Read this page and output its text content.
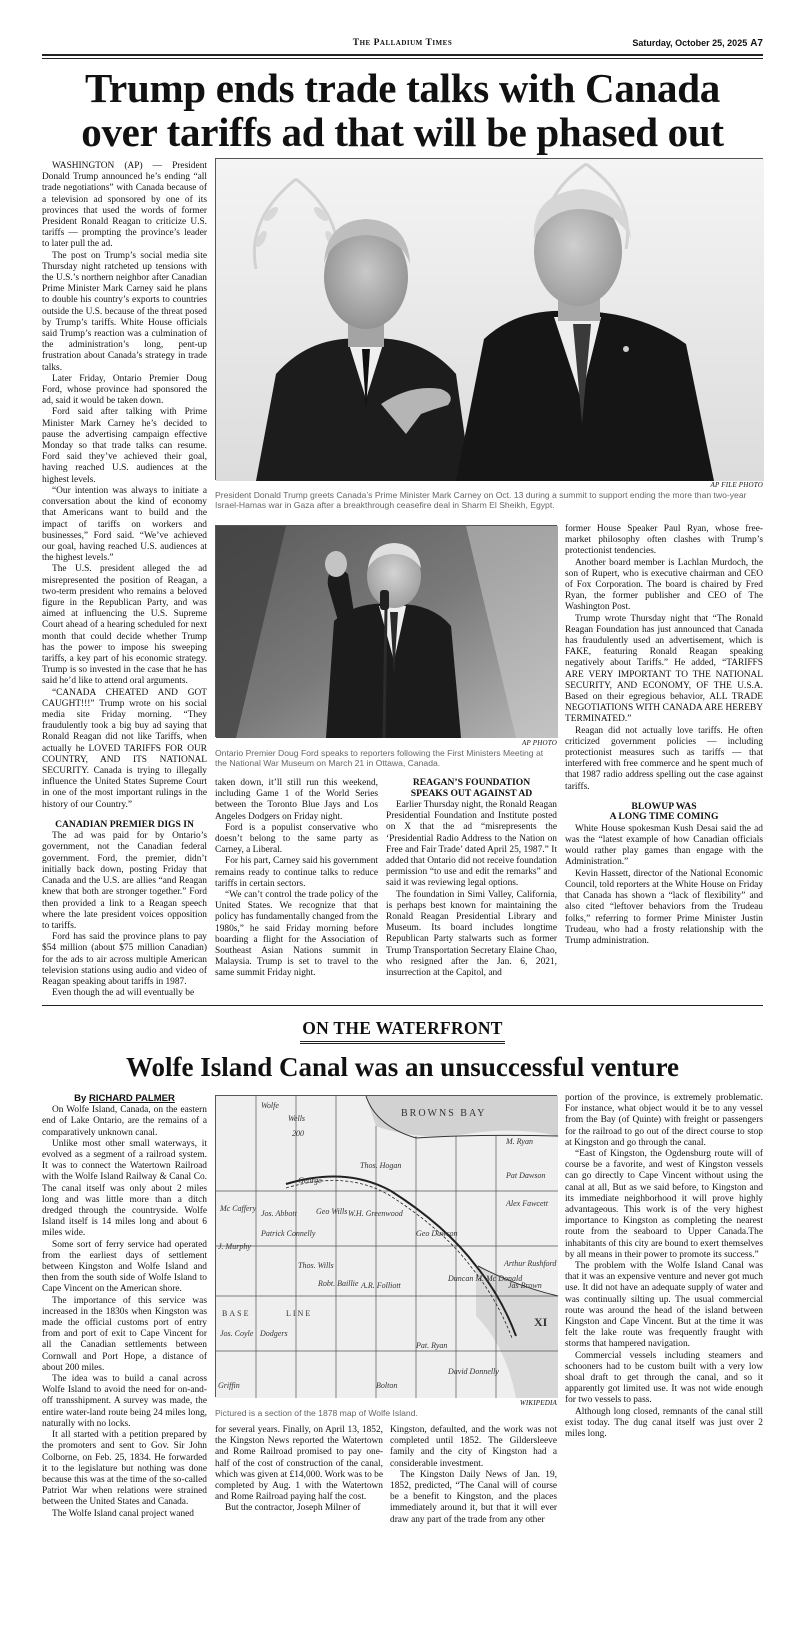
The Palladium Times	Saturday, October 25, 2025 A7
Trump ends trade talks with Canada
over tariffs ad that will be phased out

WASHINGTON (AP) — President Donald Trump announced he’s ending “all trade negotiations” with Canada because of a television ad sponsored by one of its provinces that used the words of former President Ronald Reagan to criticize U.S. tariffs — prompting the province’s leader to later pull the ad.

The post on Trump’s social media site Thursday night ratcheted up tensions with the U.S.’s northern neighbor after Canadian Prime Minister Mark Carney said he plans to double his country’s exports to countries outside the U.S. because of the threat posed by Trump’s tariffs. White House officials said Trump’s reaction was a culmination of the administration’s long, pent-up frustration about Canada’s strategy in trade talks.

Later Friday, Ontario Premier Doug Ford, whose province had sponsored the ad, said it would be taken down.

Ford said after talking with Prime Minister Mark Carney he’s decided to pause the advertising campaign effective Monday so that trade talks can resume. Ford said they’ve achieved their goal, having reached U.S. audiences at the highest levels.

“Our intention was always to initiate a conversation about the kind of economy that Americans want to build and the impact of tariffs on workers and businesses,” Ford said. “We’ve achieved our goal, having reached U.S. audiences at the highest levels.”

The U.S. president alleged the ad misrepresented the position of Reagan, a two-term president who remains a beloved figure in the Republican Party, and was aimed at influencing the U.S. Supreme Court ahead of a hearing scheduled for next month that could decide whether Trump has the power to impose his sweeping tariffs, a key part of his economic strategy. Trump is so invested in the case that he has said he’d like to attend oral arguments.

“CANADA CHEATED AND GOT CAUGHT!!!” Trump wrote on his social media site Friday morning. “They fraudulently took a big buy ad saying that Ronald Reagan did not like Tariffs, when actually he LOVED TARIFFS FOR OUR COUNTRY, AND ITS NATIONAL SECURITY. Canada is trying to illegally influence the United States Supreme Court in one of the most important rulings in the history of our Country.”

CANADIAN PREMIER DIGS IN

The ad was paid for by Ontario’s government, not the Canadian federal government. Ford, the premier, didn’t initially back down, posting Friday that Canada and the U.S. are allies “and Reagan knew that both are stronger together.” Ford then provided a link to a Reagan speech where the late president voices opposition to tariffs.

Ford has said the province plans to pay $54 million (about $75 million Canadian) for the ads to air across multiple American television stations using audio and video of Reagan speaking about tariffs in 1987.

Even though the ad will eventually be

AP FILE PHOTO
President Donald Trump greets Canada’s Prime Minister Mark Carney on Oct. 13 during a summit to support ending the more than two-year Israel-Hamas war in Gaza after a breakthrough ceasefire deal in Sharm El Sheikh, Egypt.
AP PHOTO
Ontario Premier Doug Ford speaks to reporters following the First Ministers Meeting at the National War Museum on March 21 in Ottawa, Canada.

taken down, it’ll still run this weekend, including Game 1 of the World Series between the Toronto Blue Jays and Los Angeles Dodgers on Friday night.

Ford is a populist conservative who doesn’t belong to the same party as Carney, a Liberal.

For his part, Carney said his government remains ready to continue talks to reduce tariffs in certain sectors.

“We can’t control the trade policy of the United States. We recognize that that policy has fundamentally changed from the 1980s,” he said Friday morning before boarding a flight for the Association of Southeast Asian Nations summit in Malaysia. Trump is set to travel to the same summit Friday night.

REAGAN’S FOUNDATION
SPEAKS OUT AGAINST AD

Earlier Thursday night, the Ronald Reagan Presidential Foundation and Institute posted on X that the ad “misrepresents the ‘Presidential Radio Address to the Nation on Free and Fair Trade’ dated April 25, 1987.” It added that Ontario did not receive foundation permission “to use and edit the remarks” and said it was reviewing legal options.

The foundation in Simi Valley, California, is perhaps best known for maintaining the Ronald Reagan Presidential Library and Museum. Its board includes longtime Republican Party stalwarts such as former Trump Transportation Secretary Elaine Chao, who resigned after the Jan. 6, 2021, insurrection at the Capitol, and

former House Speaker Paul Ryan, whose free-market philosophy often clashes with Trump’s protectionist tendencies.

Another board member is Lachlan Murdoch, the son of Rupert, who is executive chairman and CEO of Fox Corporation. The board is chaired by Fred Ryan, the former publisher and CEO of The Washington Post.

Trump wrote Thursday night that “The Ronald Reagan Foundation has just announced that Canada has fraudulently used an advertisement, which is FAKE, featuring Ronald Reagan speaking negatively about Tariffs.” He added, “TARIFFS ARE VERY IMPORTANT TO THE NATIONAL SECURITY, AND ECONOMY, OF THE U.S.A. Based on their egregious behavior, ALL TRADE NEGOTIATIONS WITH CANADA ARE HEREBY TERMINATED.”

Reagan did not actually love tariffs. He often criticized government policies — including protectionist measures such as tariffs — that interfered with free commerce and he spent much of that 1987 radio address spelling out the case against tariffs.

BLOWUP WAS
A LONG TIME COMING

White House spokesman Kush Desai said the ad was the “latest example of how Canadian officials would rather play games than engage with the Administration.”

Kevin Hassett, director of the National Economic Council, told reporters at the White House on Friday that Canada has shown a “lack of flexibility” and also cited “leftover behaviors from the Trudeau folks,” referring to former Prime Minister Justin Trudeau, who had a frosty relationship with the Trump administration.

ON THE WATERFRONT
Wolfe Island Canal was an unsuccessful venture

By RICHARD PALMER

On Wolfe Island, Canada, on the eastern end of Lake Ontario, are the remains of a comparatively unknown canal.

Unlike most other small waterways, it evolved as a segment of a railroad system. It was to connect the Watertown Railroad with the Wolfe Island Railway & Canal Co. The canal itself was only about 2 miles long and was little more than a ditch dredged through the countryside. Wolfe Island itself is 14 miles long and about 6 miles wide.

Some sort of ferry service had operated from the earliest days of settlement between Kingston and Wolfe Island and then from the south side of Wolfe Island to Cape Vincent on the American shore.

The importance of this service was increased in the 1830s when Kingston was made the official customs port of entry from and port of exit to Cape Vincent for all the Canadian settlements between Cornwall and Port Hope, a distance of about 200 miles.

The idea was to build a canal across Wolfe Island to avoid the need for on-and-off transshipment. A survey was made, the entire water-land route being 24 miles long, naturally with no locks.

It all started with a petition prepared by the promoters and sent to Gov. Sir John Colborne, on Feb. 25, 1834. He forwarded it to the legislature but nothing was done because this was at the time of the so-called Patriot War when relations were strained between the United States and Canada.

The Wolfe Island canal project waned

BROWNS BAY
Wolfe
Wells
200
George
Mc Caffery
Jos. Abbott
Patrick Connelly
J. Murphy
Thos. Wills
Geo Wills
Robt. Baillie A.R. Folliott
Jos. Coyle Dodgers
BASE	LINE
Pat. Ryan
David Donnelly
Alex Fawcett
Jas Brown
Arthur Rushford
Pat Dawson
Geo Dawson
M. Ryan
Duncan M. Mc Donald
XI
Bolton
Griffin
W.H. Greenwood
Thos. Hogan
WIKIPEDIA
Pictured is a section of the 1878 map of Wolfe Island.

for several years. Finally, on April 13, 1852, the Kingston News reported the Watertown and Rome Railroad promised to pay one-half of the cost of construction of the canal, which was given at £14,000. Work was to be completed by Aug. 1 with the Watertown and Rome Railroad paying half the cost.

But the contractor, Joseph Milner of

Kingston, defaulted, and the work was not completed until 1852. The Gildersleeve family and the city of Kingston had a considerable investment.

The Kingston Daily News of Jan. 19, 1852, predicted, “The Canal will of course be a benefit to Kingston, and the places immediately around it, but that it will ever draw any part of the trade from any other

portion of the province, is extremely problematic. For instance, what object would it be to any vessel from the Bay (of Quinte) with freight or passengers for the railroad to go out of the direct course to stop at Kingston and go through the canal.

“East of Kingston, the Ogdensburg route will of course be a favorite, and west of Kingston vessels can go directly to Cape Vincent without using the canal at all, But as we said before, to Kingston and its immediate neighborhood it will prove highly advantageous. This work is of the very highest importance to Kingston as completing the nearest route from the seaboard to Upper Canada.The inhabitants of this city are bound to exert themselves by all means in their power to promote its success.”

The problem with the Wolfe Island Canal was that it was an expensive venture and never got much use. It did not have an adequate supply of water and was continually silting up. The usual commercial route was around the head of the island between Kingston and Cape Vincent. But at the time it was felt the lake route was frequently fraught with storms that hampered navigation.

Commercial vessels including steamers and schooners had to be custom built with a very low shoal draft to get through the canal, and so it apparently got limited use. It was not wide enough for two vessels to pass.

Although long closed, remnants of the canal still exist today. The dug canal itself was just over 2 miles long.
